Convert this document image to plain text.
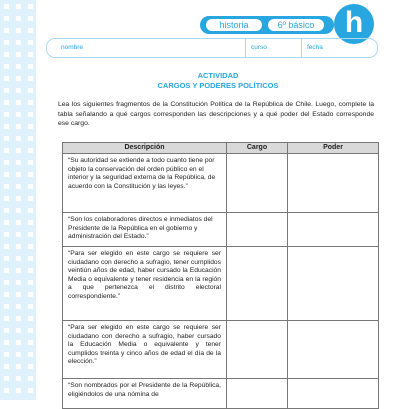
historia	6º básico	h
nombre	curso	fecha
ACTIVIDAD
CARGOS Y PODERES POLÍTICOS
Lea los siguientes fragmentos de la Constitución Política de la República de Chile. Luego, complete la tabla señalando a qué cargos corresponden las descripciones y a qué poder del Estado corresponde ese cargo.
Descripción	Cargo	Poder

“Su autoridad se extiende a todo cuanto tiene por objeto la conservación del orden público en el interior y la seguridad externa de la República, de acuerdo con la Constitución y las leyes.”		

“Son los colaboradores directos e inmediatos del Presidente de la República en el gobierno y administración del Estado.”		

“Para ser elegido en este cargo se requiere ser ciudadano con derecho a sufragio, tener cumplidos veintiún años de edad, haber cursado la Educación Media o equivalente y tener residencia en la región a que pertenezca el distrito electoral correspondiente.”		

“Para ser elegido en este cargo se requiere ser ciudadano con derecho a sufragio, haber cursado la Educación Media o equivalente y tener cumplidos treinta y cinco años de edad el día de la elección.”		

“Son nombrados por el Presidente de la República, eligiéndolos de una nómina de		
